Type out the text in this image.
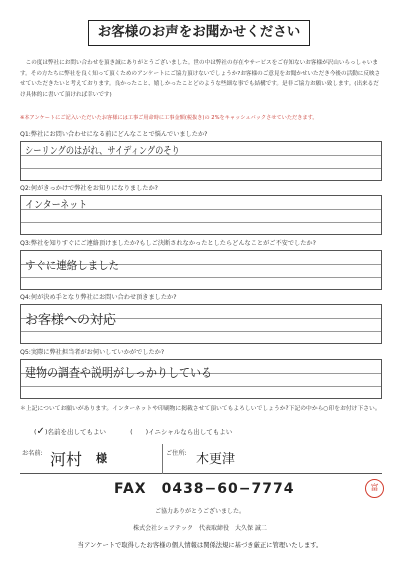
お客様のお声をお聞かせください

この度は弊社にお問い合わせを頂き誠にありがとうございました。世の中は弊社の存在やサービスをご存知ないお客様が沢山いらっしゃいます。その方たちに弊社を良く知って頂くためのアンケートにご協力頂けないでしょうか?お客様のご意見をお聞かせいただき今後の活動に反映させていただきたいと考えております。良かったこと、嬉しかったことどのような些細な事でも結構です。是非ご協力お願い致します。(出来るだけ具体的に書いて頂ければ幸いです)

※本アンケートにご記入いただいたお客様には工事ご用命時に工事金額(税抜き)の 2%をキャッシュバックさせていただきます。
Q1:弊社にお問い合わせになる前にどんなことで悩んでいましたか?
シーリングのはがれ、サイディングのそり
Q2:何がきっかけで弊社をお知りになりましたか?
インターネット
Q3:弊社を知りすぐにご連絡頂けましたか?もしご決断されなかったとしたらどんなことがご不安でしたか?
すぐに連絡しました
Q4:何が決め手となり弊社にお問い合わせ頂きましたか?
お客様への対応
Q5:実際に弊社担当者がお伺いしていかがでしたか?
建物の調査や説明がしっかりしている
＊上記についてお願いがあります。インターネットや印刷物に掲載させて頂いてもよろしいでしょうか?下記の中から○印をお付け下さい。
(✓)名前を出してもよい	(　　)イニシャルなら出してもよい
お名前: 河村 様	ご住所: 木更津
FAX　0438−60−7774	富
ご協力ありがとうございました。
株式会社シェアテック　代表取締役　大久保 誠二
当アンケートで取得したお客様の個人情報は関係法規に基づき厳正に管理いたします。
